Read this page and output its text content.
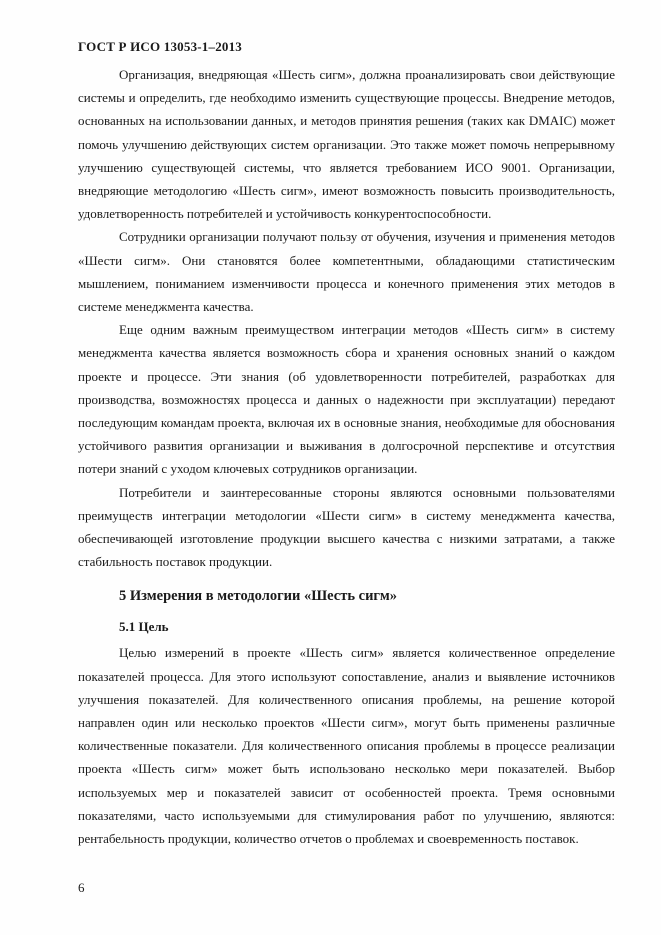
ГОСТ Р ИСО 13053-1–2013

Организация, внедряющая «Шесть сигм», должна проанализировать свои действующие системы и определить, где необходимо изменить существующие процессы. Внедрение методов, основанных на использовании данных, и методов принятия решения (таких как DMAIC) может помочь улучшению действующих систем организации. Это также может помочь непрерывному улучшению существующей системы, что является требованием ИСО 9001. Организации, внедряющие методологию «Шесть сигм», имеют возможность повысить производительность, удовлетворенность потребителей и устойчивость конкурентоспособности.

Сотрудники организации получают пользу от обучения, изучения и применения методов «Шести сигм». Они становятся более компетентными, обладающими статистическим мышлением, пониманием изменчивости процесса и конечного применения этих методов в системе менеджмента качества.

Еще одним важным преимуществом интеграции методов «Шесть сигм» в систему менеджмента качества является возможность сбора и хранения основных знаний о каждом проекте и процессе. Эти знания (об удовлетворенности потребителей, разработках для производства, возможностях процесса и данных о надежности при эксплуатации) передают последующим командам проекта, включая их в основные знания, необходимые для обоснования устойчивого развития организации и выживания в долгосрочной перспективе и отсутствия потери знаний с уходом ключевых сотрудников организации.

Потребители и заинтересованные стороны являются основными пользователями преимуществ интеграции методологии «Шести сигм» в систему менеджмента качества, обеспечивающей изготовление продукции высшего качества с низкими затратами, а также стабильность поставок продукции.

5 Измерения в методологии «Шесть сигм»
5.1 Цель

Целью измерений в проекте «Шесть сигм» является количественное определение показателей процесса. Для этого используют сопоставление, анализ и выявление источников улучшения показателей. Для количественного описания проблемы, на решение которой направлен один или несколько проектов «Шести сигм», могут быть применены различные количественные показатели. Для количественного описания проблемы в процессе реализации проекта «Шесть сигм» может быть использовано несколько мери показателей. Выбор используемых мер и показателей зависит от особенностей проекта. Тремя основными показателями, часто используемыми для стимулирования работ по улучшению, являются: рентабельность продукции, количество отчетов о проблемах и своевременность поставок.

6
